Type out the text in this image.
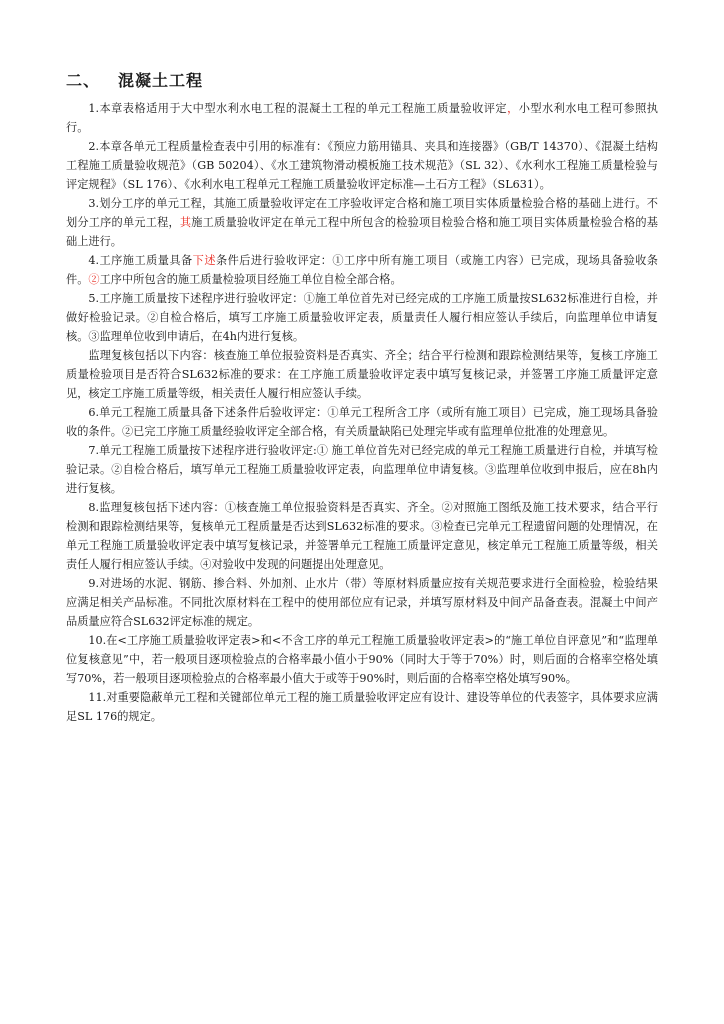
二、 混凝土工程

1.本章表格适用于大中型水利水电工程的混凝土工程的单元工程施工质量验收评定，小型水利水电工程可参照执行。

2.本章各单元工程质量检查表中引用的标准有：《预应力筋用锚具、夹具和连接器》（GB/T 14370）、《混凝土结构工程施工质量验收规范》（GB 50204）、《水工建筑物滑动模板施工技术规范》（SL 32）、《水利水工程施工质量检验与评定规程》（SL 176）、《水利水电工程单元工程施工质量验收评定标准—土石方工程》（SL631）。

3.划分工序的单元工程，其施工质量验收评定在工序验收评定合格和施工项目实体质量检验合格的基础上进行。不划分工序的单元工程，其施工质量验收评定在单元工程中所包含的检验项目检验合格和施工项目实体质量检验合格的基础上进行。

4.工序施工质量具备下述条件后进行验收评定：①工序中所有施工项目（或施工内容）已完成，现场具备验收条件。②工序中所包含的施工质量检验项目经施工单位自检全部合格。

5.工序施工质量按下述程序进行验收评定：①施工单位首先对已经完成的工序施工质量按SL632标准进行自检，并做好检验记录。②自检合格后，填写工序施工质量验收评定表，质量责任人履行相应签认手续后，向监理单位申请复核。③监理单位收到申请后，在4h内进行复核。

监理复核包括以下内容：核查施工单位报验资料是否真实、齐全；结合平行检测和跟踪检测结果等，复核工序施工质量检验项目是否符合SL632标准的要求：在工序施工质量验收评定表中填写复核记录，并签署工序施工质量评定意见，核定工序施工质量等级，相关责任人履行相应签认手续。

6.单元工程施工质量具备下述条件后验收评定：①单元工程所含工序（或所有施工项目）已完成，施工现场具备验收的条件。②已完工序施工质量经验收评定全部合格，有关质量缺陷已处理完毕或有监理单位批准的处理意见。

7.单元工程施工质量按下述程序进行验收评定:① 施工单位首先对已经完成的单元工程施工质量进行自检，并填写检验记录。②自检合格后，填写单元工程施工质量验收评定表，向监理单位申请复核。③监理单位收到申报后，应在8h内进行复核。

8.监理复核包括下述内容：①核查施工单位报验资料是否真实、齐全。②对照施工图纸及施工技术要求，结合平行检测和跟踪检测结果等，复核单元工程质量是否达到SL632标准的要求。③检查已完单元工程遗留问题的处理情况，在单元工程施工质量验收评定表中填写复核记录，并签署单元工程施工质量评定意见，核定单元工程施工质量等级，相关责任人履行相应签认手续。④对验收中发现的问题提出处理意见。

9.对进场的水泥、钢筋、掺合料、外加剂、止水片（带）等原材料质量应按有关规范要求进行全面检验，检验结果应满足相关产品标准。不同批次原材料在工程中的使用部位应有记录，并填写原材料及中间产品备查表。混凝土中间产品质量应符合SL632评定标准的规定。

10.在<工序施工质量验收评定表>和<不含工序的单元工程施工质量验收评定表>的“施工单位自评意见”和“监理单位复核意见”中，若一般项目逐项检验点的合格率最小值小于90%（同时大于等于70%）时，则后面的合格率空格处填写70%，若一般项目逐项检验点的合格率最小值大于或等于90%时，则后面的合格率空格处填写90%。

11.对重要隐蔽单元工程和关键部位单元工程的施工质量验收评定应有设计、建设等单位的代表签字，具体要求应满足SL 176的规定。
